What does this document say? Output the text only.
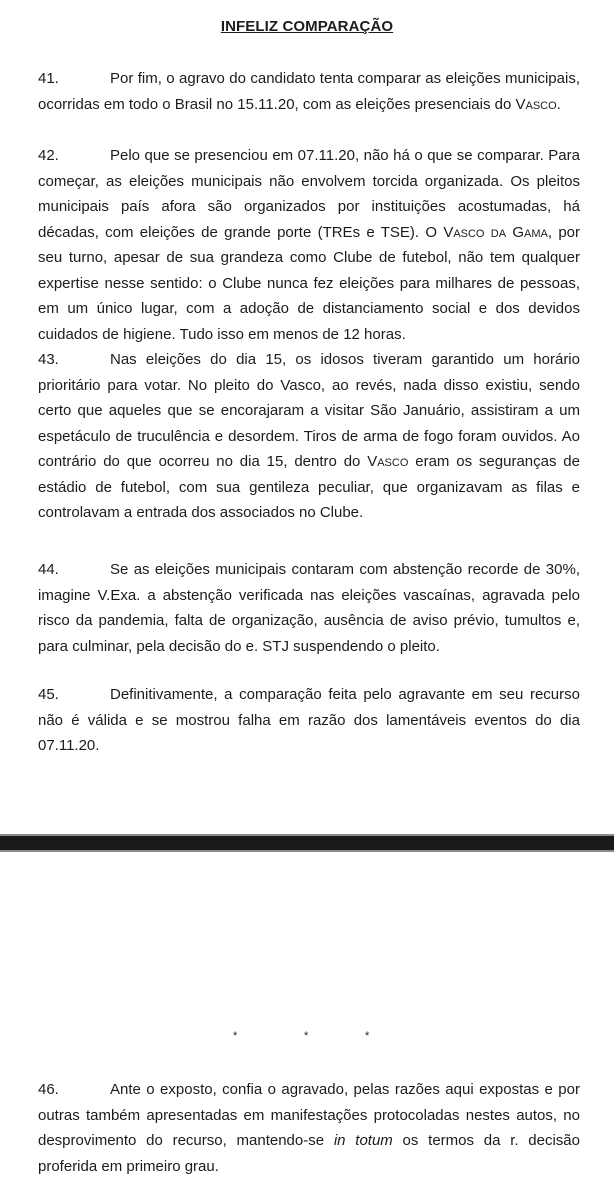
INFELIZ COMPARAÇÃO

41.	Por fim, o agravo do candidato tenta comparar as eleições municipais, ocorridas em todo o Brasil no 15.11.20, com as eleições presenciais do Vasco.

42.	Pelo que se presenciou em 07.11.20, não há o que se comparar. Para começar, as eleições municipais não envolvem torcida organizada. Os pleitos municipais país afora são organizados por instituições acostumadas, há décadas, com eleições de grande porte (TREs e TSE). O Vasco da Gama, por seu turno, apesar de sua grandeza como Clube de futebol, não tem qualquer expertise nesse sentido: o Clube nunca fez eleições para milhares de pessoas, em um único lugar, com a adoção de distanciamento social e dos devidos cuidados de higiene. Tudo isso em menos de 12 horas.

43.	Nas eleições do dia 15, os idosos tiveram garantido um horário prioritário para votar. No pleito do Vasco, ao revés, nada disso existiu, sendo certo que aqueles que se encorajaram a visitar São Januário, assistiram a um espetáculo de truculência e desordem. Tiros de arma de fogo foram ouvidos. Ao contrário do que ocorreu no dia 15, dentro do Vasco eram os seguranças de estádio de futebol, com sua gentileza peculiar, que organizavam as filas e controlavam a entrada dos associados no Clube.

44.	Se as eleições municipais contaram com abstenção recorde de 30%, imagine V.Exa. a abstenção verificada nas eleições vascaínas, agravada pelo risco da pandemia, falta de organização, ausência de aviso prévio, tumultos e, para culminar, pela decisão do e. STJ suspendendo o pleito.

45.	Definitivamente, a comparação feita pelo agravante em seu recurso não é válida e se mostrou falha em razão dos lamentáveis eventos do dia 07.11.20.

*	*	*

46.	Ante o exposto, confia o agravado, pelas razões aqui expostas e por outras também apresentadas em manifestações protocoladas nestes autos, no desprovimento do recurso, mantendo-se in totum os termos da r. decisão proferida em primeiro grau.
